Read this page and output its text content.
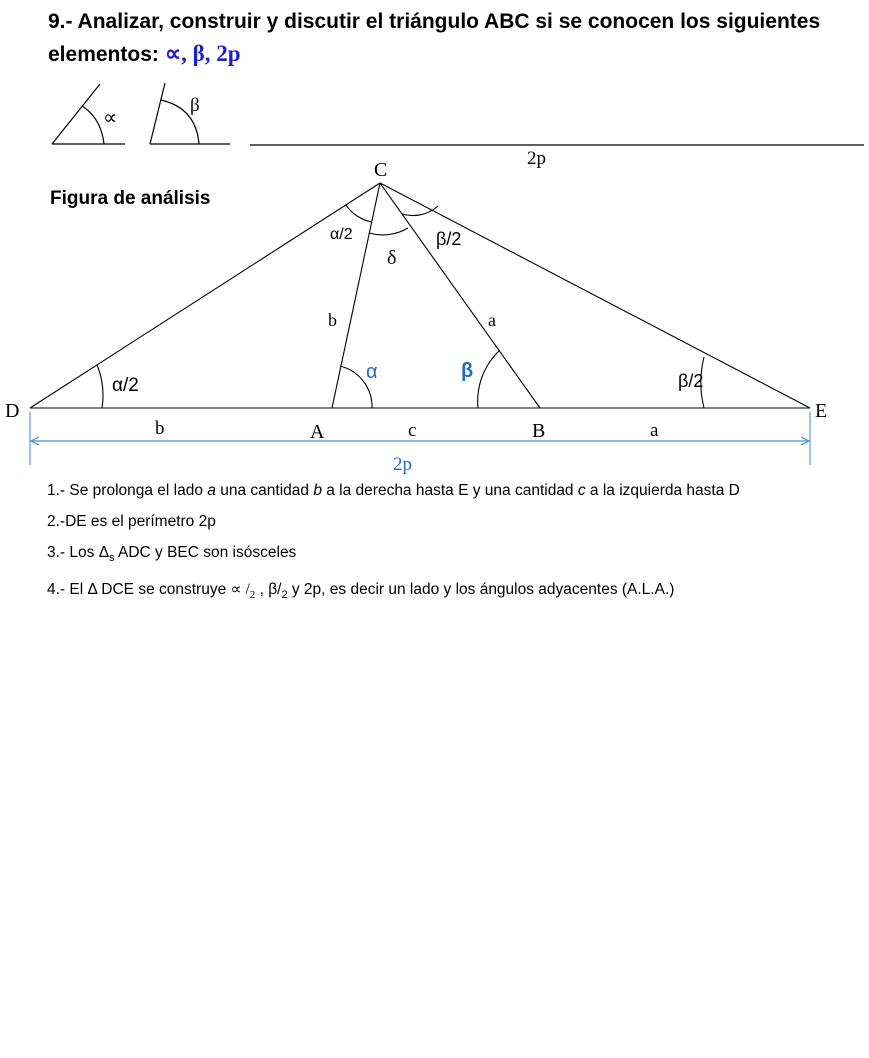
9.- Analizar, construir y discutir el triángulo ABC si se conocen los siguientes elementos: ∝, β, 2p
Figura de análisis
∝
β
2p
C
D	E
A	B
b	a
b	c	a
α/2	β/2
δ
α	β
α/2	β/2
2p
1.- Se prolonga el lado a una cantidad b a la derecha hasta E y una cantidad c a la izquierda hasta D
2.-DE es el perímetro 2p
3.- Los $\Delta_s$ ADC y BEC son isósceles
4.- El Δ DCE se construye ∝ $/_2$ , $\beta/_2$ y 2p, es decir un lado y los ángulos adyacentes (A.L.A.)
